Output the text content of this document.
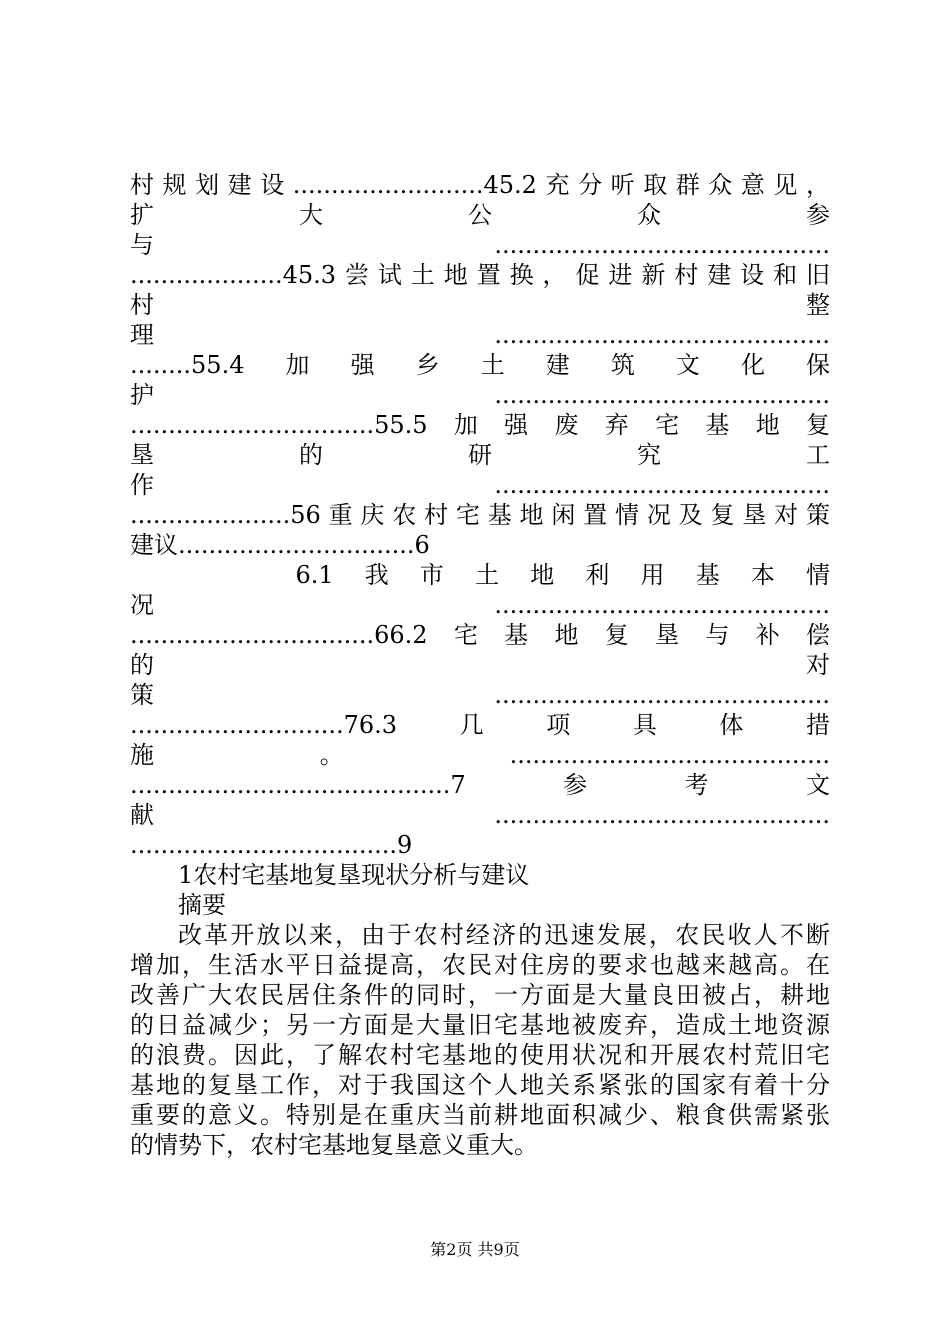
村规划建设.........................45.2充分听取群众意见，
扩　　　　　大　　　　　公　　　　　众　　　　　参
与............................................
....................45.3尝试土地置换，促进新村建设和旧
村　　　　　　　　　　　　　　　　　　　　　　　整
理............................................
........55.4　加　强　乡　土　建　筑　文　化　保
护............................................
................................55.5加强废弃宅基地复
垦　　　　　　的　　　　　　研　　　　　　究　　　　　　工
作............................................
.....................56重庆农村宅基地闲置情况及复垦对策
建议...............................6
　　　　　　6.1　我　市　土　地　利　用　基　本　情
况............................................
................................66.2宅基地复垦与补偿
的　　　　　　　　　　　　　　　　　　　　　　　对
策............................................
............................76.3　几　项　具　体　措
施。..........................................
..........................................7参考文
献............................................
...................................9
1农村宅基地复垦现状分析与建议
摘要
改革开放以来，由于农村经济的迅速发展，农民收人不断
增加，生活水平日益提高，农民对住房的要求也越来越高。在
改善广大农民居住条件的同时，一方面是大量良田被占，耕地
的日益减少；另一方面是大量旧宅基地被废弃，造成土地资源
的浪费。因此，了解农村宅基地的使用状况和开展农村荒旧宅
基地的复垦工作，对于我国这个人地关系紧张的国家有着十分
重要的意义。特别是在重庆当前耕地面积减少、粮食供需紧张
的情势下，农村宅基地复垦意义重大。
第2页 共9页
